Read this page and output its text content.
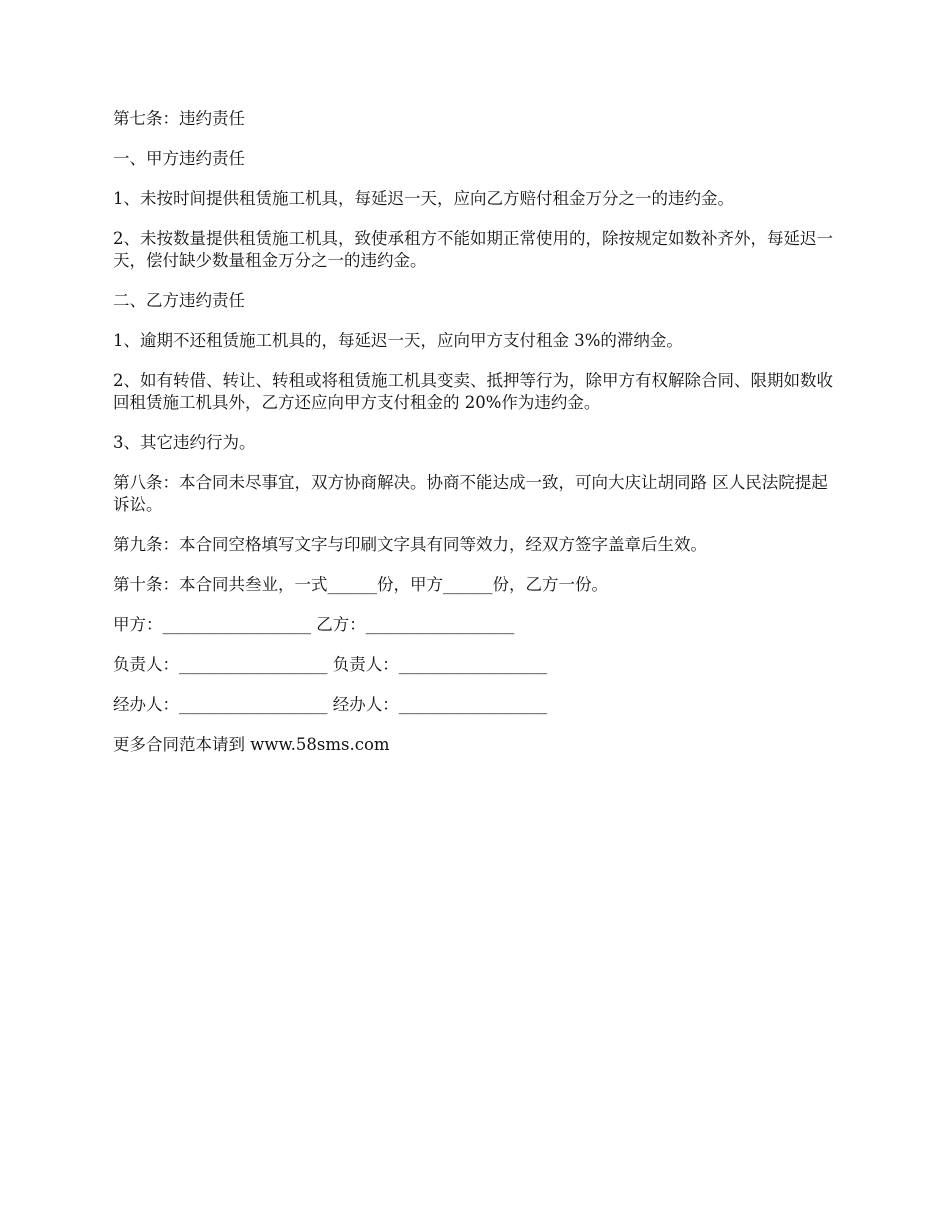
第七条：违约责任

一、甲方违约责任

1、未按时间提供租赁施工机具，每延迟一天，应向乙方赔付租金万分之一的违约金。

2、未按数量提供租赁施工机具，致使承租方不能如期正常使用的，除按规定如数补齐外，每延迟一天，偿付缺少数量租金万分之一的违约金。

二、乙方违约责任

1、逾期不还租赁施工机具的，每延迟一天，应向甲方支付租金 3%的滞纳金。

2、如有转借、转让、转租或将租赁施工机具变卖、抵押等行为，除甲方有权解除合同、限期如数收回租赁施工机具外，乙方还应向甲方支付租金的 20%作为违约金。

3、其它违约行为。

第八条：本合同未尽事宜，双方协商解决。协商不能达成一致，可向大庆让胡同路 区人民法院提起诉讼。

第九条：本合同空格填写文字与印刷文字具有同等效力，经双方签字盖章后生效。

第十条：本合同共叁业，一式______份，甲方______份，乙方一份。

甲方：__________________ 乙方：__________________

负责人：__________________ 负责人：__________________

经办人：__________________ 经办人：__________________

更多合同范本请到 www.58sms.com
